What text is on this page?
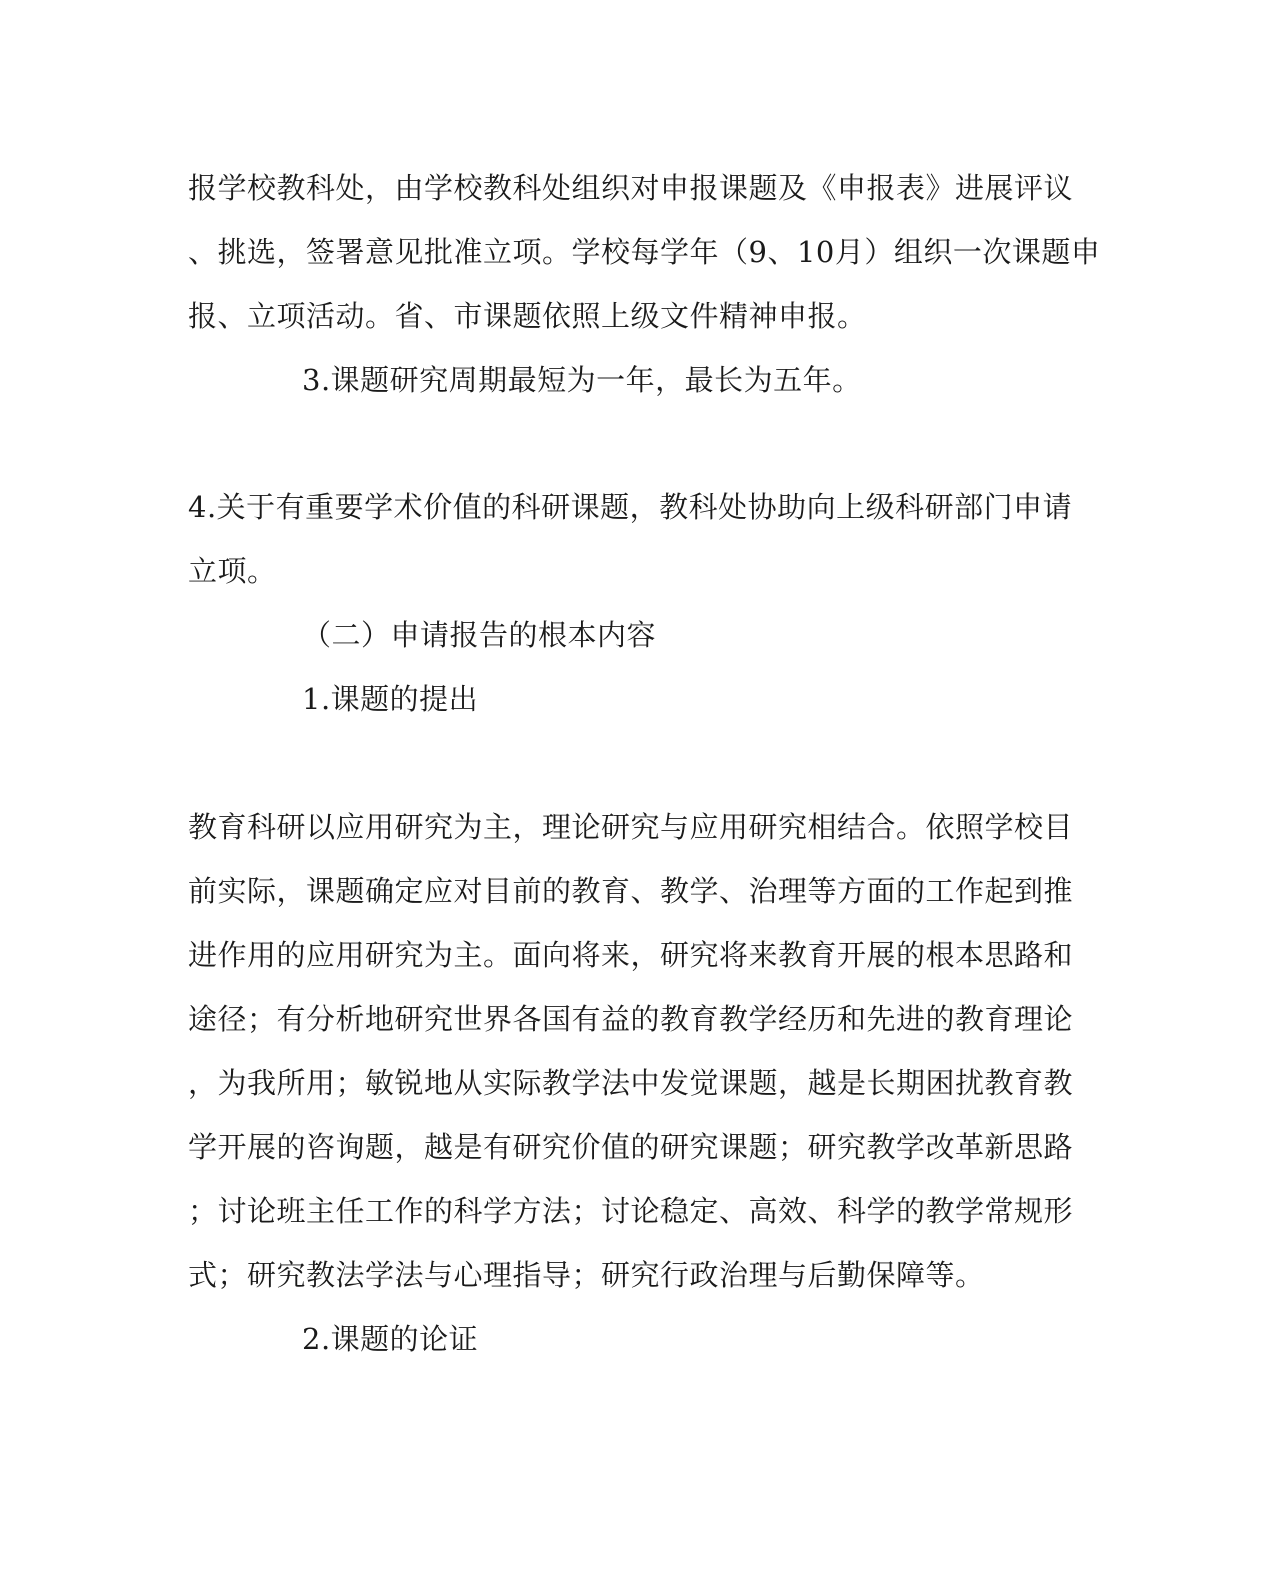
报学校教科处，由学校教科处组织对申报课题及《申报表》进展评议
、挑选，签署意见批准立项。学校每学年（9、10月）组织一次课题申
报、立项活动。省、市课题依照上级文件精神申报。
3.课题研究周期最短为一年，最长为五年。
4.关于有重要学术价值的科研课题，教科处协助向上级科研部门申请
立项。
（二）申请报告的根本内容
1.课题的提出
教育科研以应用研究为主，理论研究与应用研究相结合。依照学校目
前实际，课题确定应对目前的教育、教学、治理等方面的工作起到推
进作用的应用研究为主。面向将来，研究将来教育开展的根本思路和
途径；有分析地研究世界各国有益的教育教学经历和先进的教育理论
，为我所用；敏锐地从实际教学法中发觉课题，越是长期困扰教育教
学开展的咨询题，越是有研究价值的研究课题；研究教学改革新思路
；讨论班主任工作的科学方法；讨论稳定、高效、科学的教学常规形
式；研究教法学法与心理指导；研究行政治理与后勤保障等。
2.课题的论证
